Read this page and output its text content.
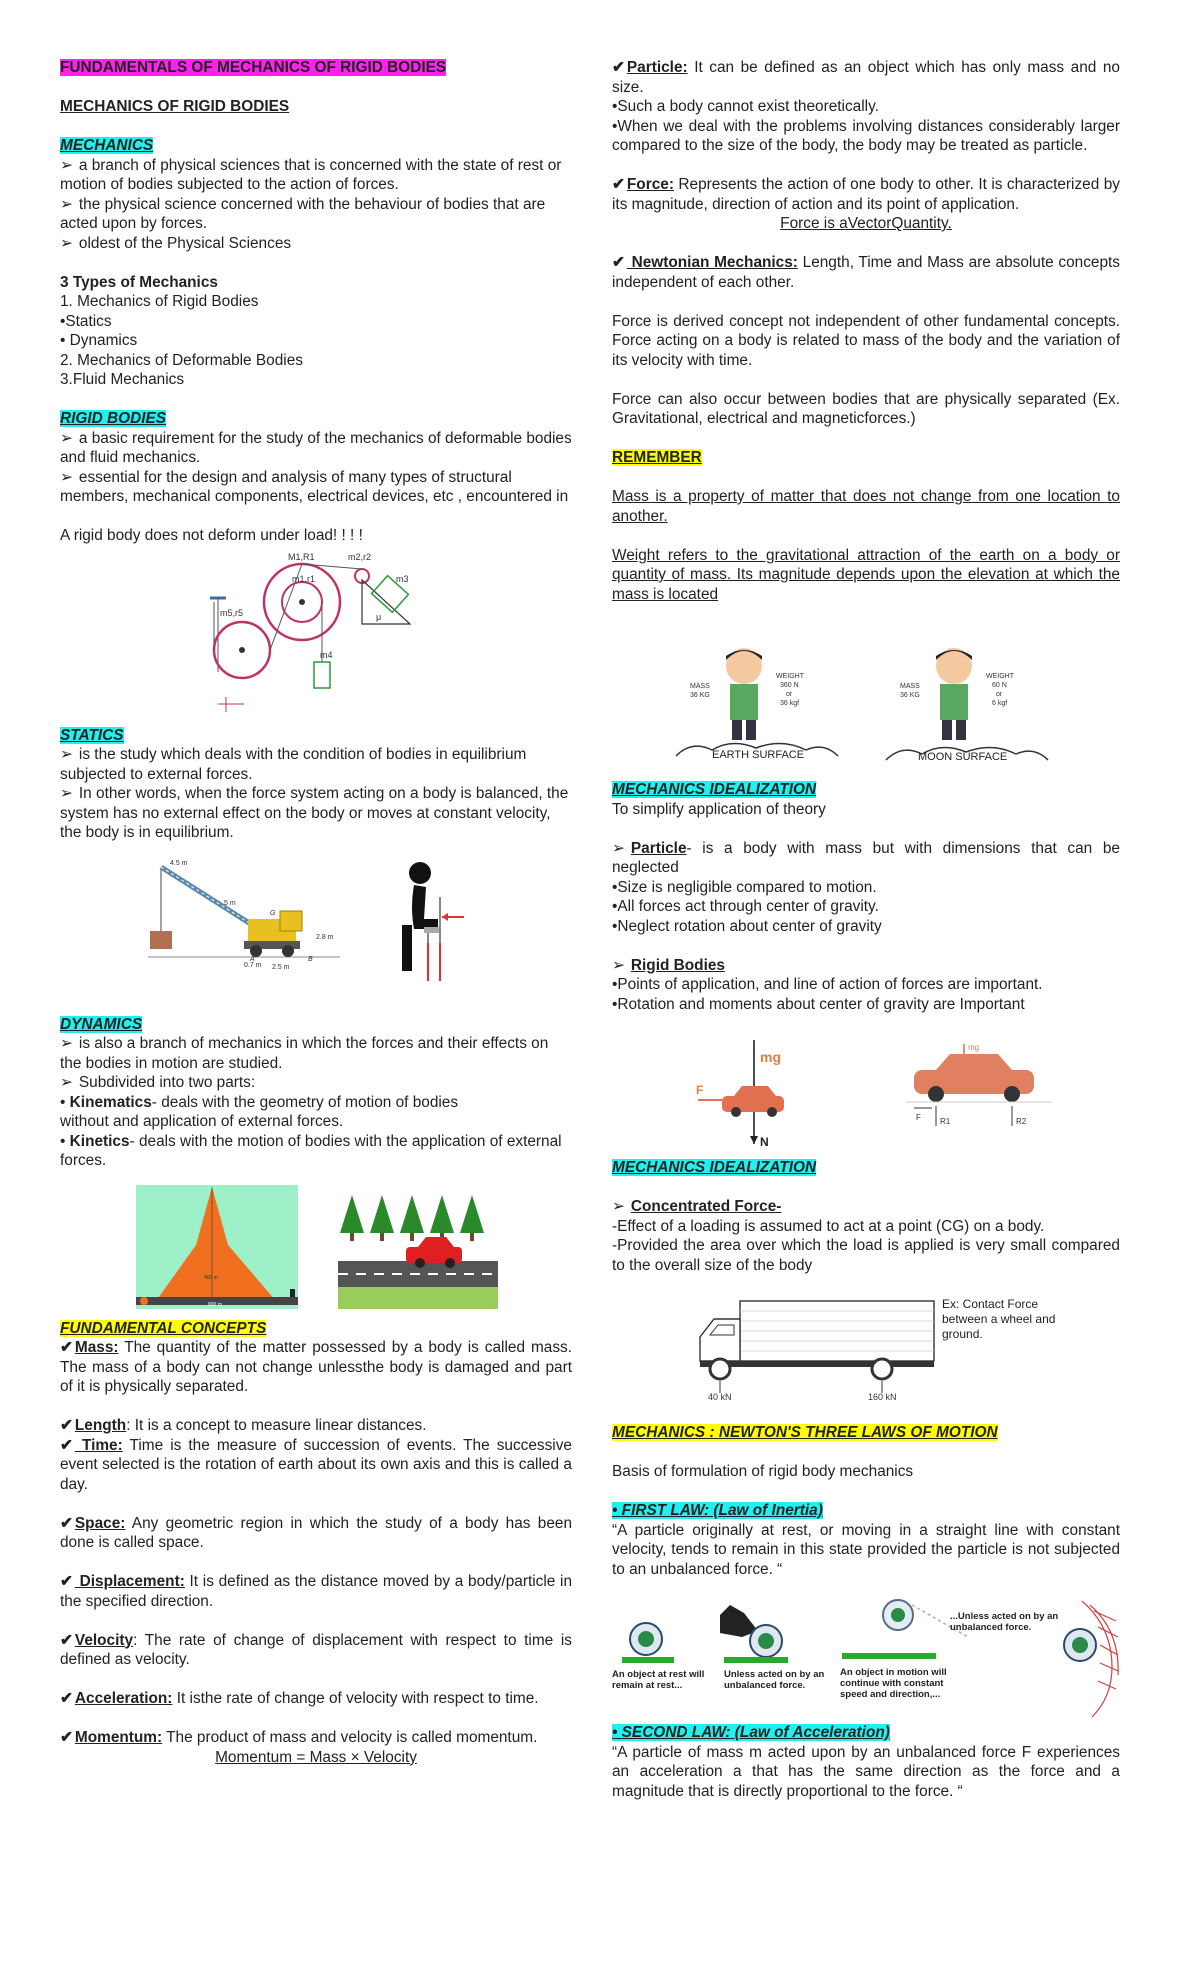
FUNDAMENTALS OF MECHANICS OF RIGID BODIES

MECHANICS OF RIGID BODIES

MECHANICS

➢ a branch of physical sciences that is concerned with the state of rest or motion of bodies subjected to the action of forces.

➢ the physical science concerned with the behaviour of bodies that are acted upon by forces.

➢ oldest of the Physical Sciences

3 Types of Mechanics

1. Mechanics of Rigid Bodies

•Statics

• Dynamics

2. Mechanics of Deformable Bodies

3.Fluid Mechanics

RIGID BODIES

➢ a basic requirement for the study of the mechanics of deformable bodies and fluid mechanics.

➢ essential for the design and analysis of many types of structural members, mechanical components, electrical devices, etc , encountered in

A rigid body does not deform under load! ! ! !

M1,R1	m2,r2
m1,r1	m3
m5,r5
m4
μ

STATICS

➢ is the study which deals with the condition of bodies in equilibrium subjected to external forces.

➢ In other words, when the force system acting on a body is balanced, the system has no external effect on the body or moves at constant velocity, the body is in equilibrium.

4.5 m
5 m
2.8 m
0.7 m 2.5 m
A	B
G

DYNAMICS

➢ is also a branch of mechanics in which the forces and their effects on the bodies in motion are studied.

➢ Subdivided into two parts:

• Kinematics- deals with the geometry of motion of bodies without and application of external forces.

• Kinetics- deals with the motion of bodies with the application of external forces.

400 m
800 m

FUNDAMENTAL CONCEPTS

✔ Mass: The quantity of the matter possessed by a body is called mass. The mass of a body can not change unlessthe body is damaged and part of it is physically separated.

✔ Length: It is a concept to measure linear distances.

✔ Time: Time is the measure of succession of events. The successive event selected is the rotation of earth about its own axis and this is called a day.

✔ Space: Any geometric region in which the study of a body has been done is called space.

✔ Displacement: It is defined as the distance moved by a body/particle in the specified direction.

✔ Velocity: The rate of change of displacement with respect to time is defined as velocity.

✔ Acceleration: It isthe rate of change of velocity with respect to time.

✔ Momentum: The product of mass and velocity is called momentum.

Momentum = Mass × Velocity

✔ Particle: It can be defined as an object which has only mass and no size.

•Such a body cannot exist theoretically.

•When we deal with the problems involving distances considerably larger compared to the size of the body, the body may be treated as particle.

✔ Force: Represents the action of one body to other. It is characterized by its magnitude, direction of action and its point of application.

Force is aVectorQuantity.

✔ Newtonian Mechanics: Length, Time and Mass are absolute concepts independent of each other.

Force is derived concept not independent of other fundamental concepts. Force acting on a body is related to mass of the body and the variation of its velocity with time.

Force can also occur between bodies that are physically separated (Ex. Gravitational, electrical and magneticforces.)

REMEMBER

Mass is a property of matter that does not change from one location to another.

Weight refers to the gravitational attraction of the earth on a body or quantity of mass. Its magnitude depends upon the elevation at which the mass is located

MASS
36 KG
WEIGHT
360 N
or
36 kgf
EARTH SURFACE
MASS
36 KG
WEIGHT
60 N
or
6 kgf
MOON SURFACE

MECHANICS IDEALIZATION

To simplify application of theory

➢ Particle- is a body with mass but with dimensions that can be neglected

•Size is negligible compared to motion.

•All forces act through center of gravity.

•Neglect rotation about center of gravity

➢ Rigid Bodies

•Points of application, and line of action of forces are important.

•Rotation and moments about center of gravity are Important

mg
F
N
mg
F R1	R2

MECHANICS IDEALIZATION

➢ Concentrated Force-

-Effect of a loading is assumed to act at a point (CG) on a body.

-Provided the area over which the load is applied is very small compared to the overall size of the body

40 kN	160 kN
Ex: Contact Force between a wheel and ground.

MECHANICS : NEWTON'S THREE LAWS OF MOTION

Basis of formulation of rigid body mechanics

• FIRST LAW: (Law of Inertia)

“A particle originally at rest, or moving in a straight line with constant velocity, tends to remain in this state provided the particle is not subjected to an unbalanced force. “

An object at rest will remain at rest...
Unless acted on by an unbalanced force.
An object in motion will continue with constant speed and direction,...
...Unless acted on by an unbalanced force.

• SECOND LAW: (Law of Acceleration)

“A particle of mass m acted upon by an unbalanced force F experiences an acceleration a that has the same direction as the force and a magnitude that is directly proportional to the force. “
